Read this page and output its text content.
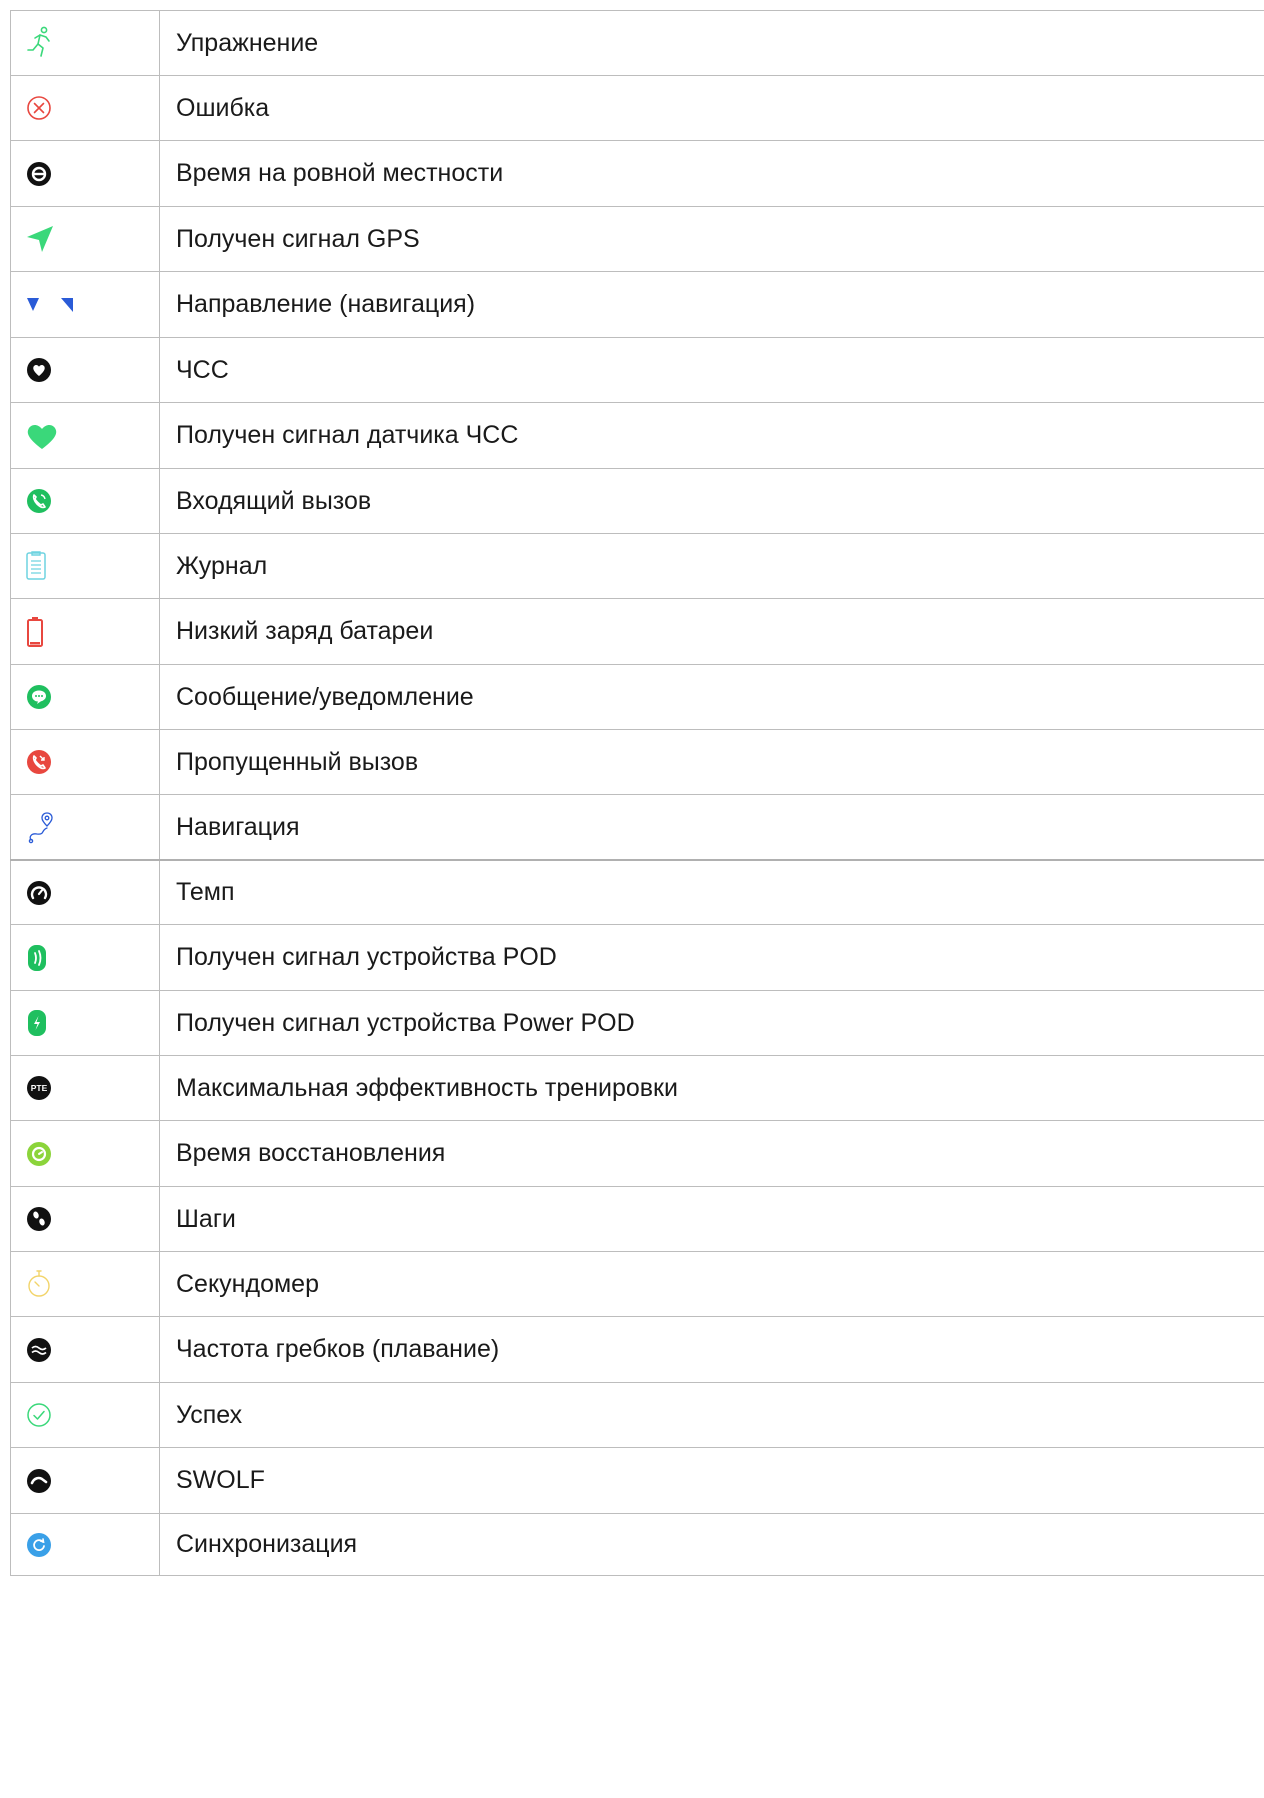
Упражнение
Ошибка
Время на ровной местности
Получен сигнал GPS
Направление (навигация)
ЧСС
Получен сигнал датчика ЧСС
Входящий вызов
Журнал
Низкий заряд батареи
Сообщение/уведомление
Пропущенный вызов
Навигация
Темп
Получен сигнал устройства POD
Получен сигнал устройства Power POD
PTE	Максимальная эффективность тренировки
Время восстановления
Шаги
Секундомер
Частота гребков (плавание)
Успех
SWOLF
Синхронизация
